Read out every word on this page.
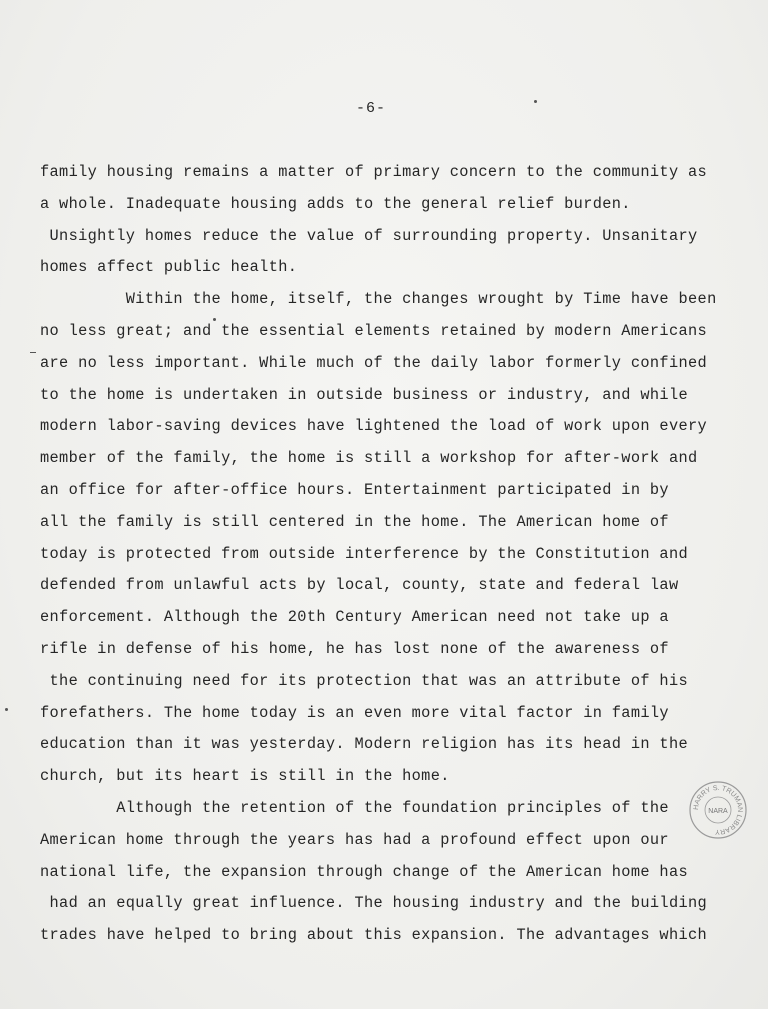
-6-
family housing remains a matter of primary concern to the community as
a whole. Inadequate housing adds to the general relief burden.
Unsightly homes reduce the value of surrounding property. Unsanitary
homes affect public health.
Within the home, itself, the changes wrought by Time have been
no less great; and the essential elements retained by modern Americans
are no less important. While much of the daily labor formerly confined
to the home is undertaken in outside business or industry, and while
modern labor-saving devices have lightened the load of work upon every
member of the family, the home is still a workshop for after-work and
an office for after-office hours. Entertainment participated in by
all the family is still centered in the home. The American home of
today is protected from outside interference by the Constitution and
defended from unlawful acts by local, county, state and federal law
enforcement. Although the 20th Century American need not take up a
rifle in defense of his home, he has lost none of the awareness of
the continuing need for its protection that was an attribute of his
forefathers. The home today is an even more vital factor in family
education than it was yesterday. Modern religion has its head in the
church, but its heart is still in the home.
Although the retention of the foundation principles of the
American home through the years has had a profound effect upon our
national life, the expansion through change of the American home has
had an equally great influence. The housing industry and the building
trades have helped to bring about this expansion. The advantages which
HARRY S. TRUMAN LIBRARY
NARA
